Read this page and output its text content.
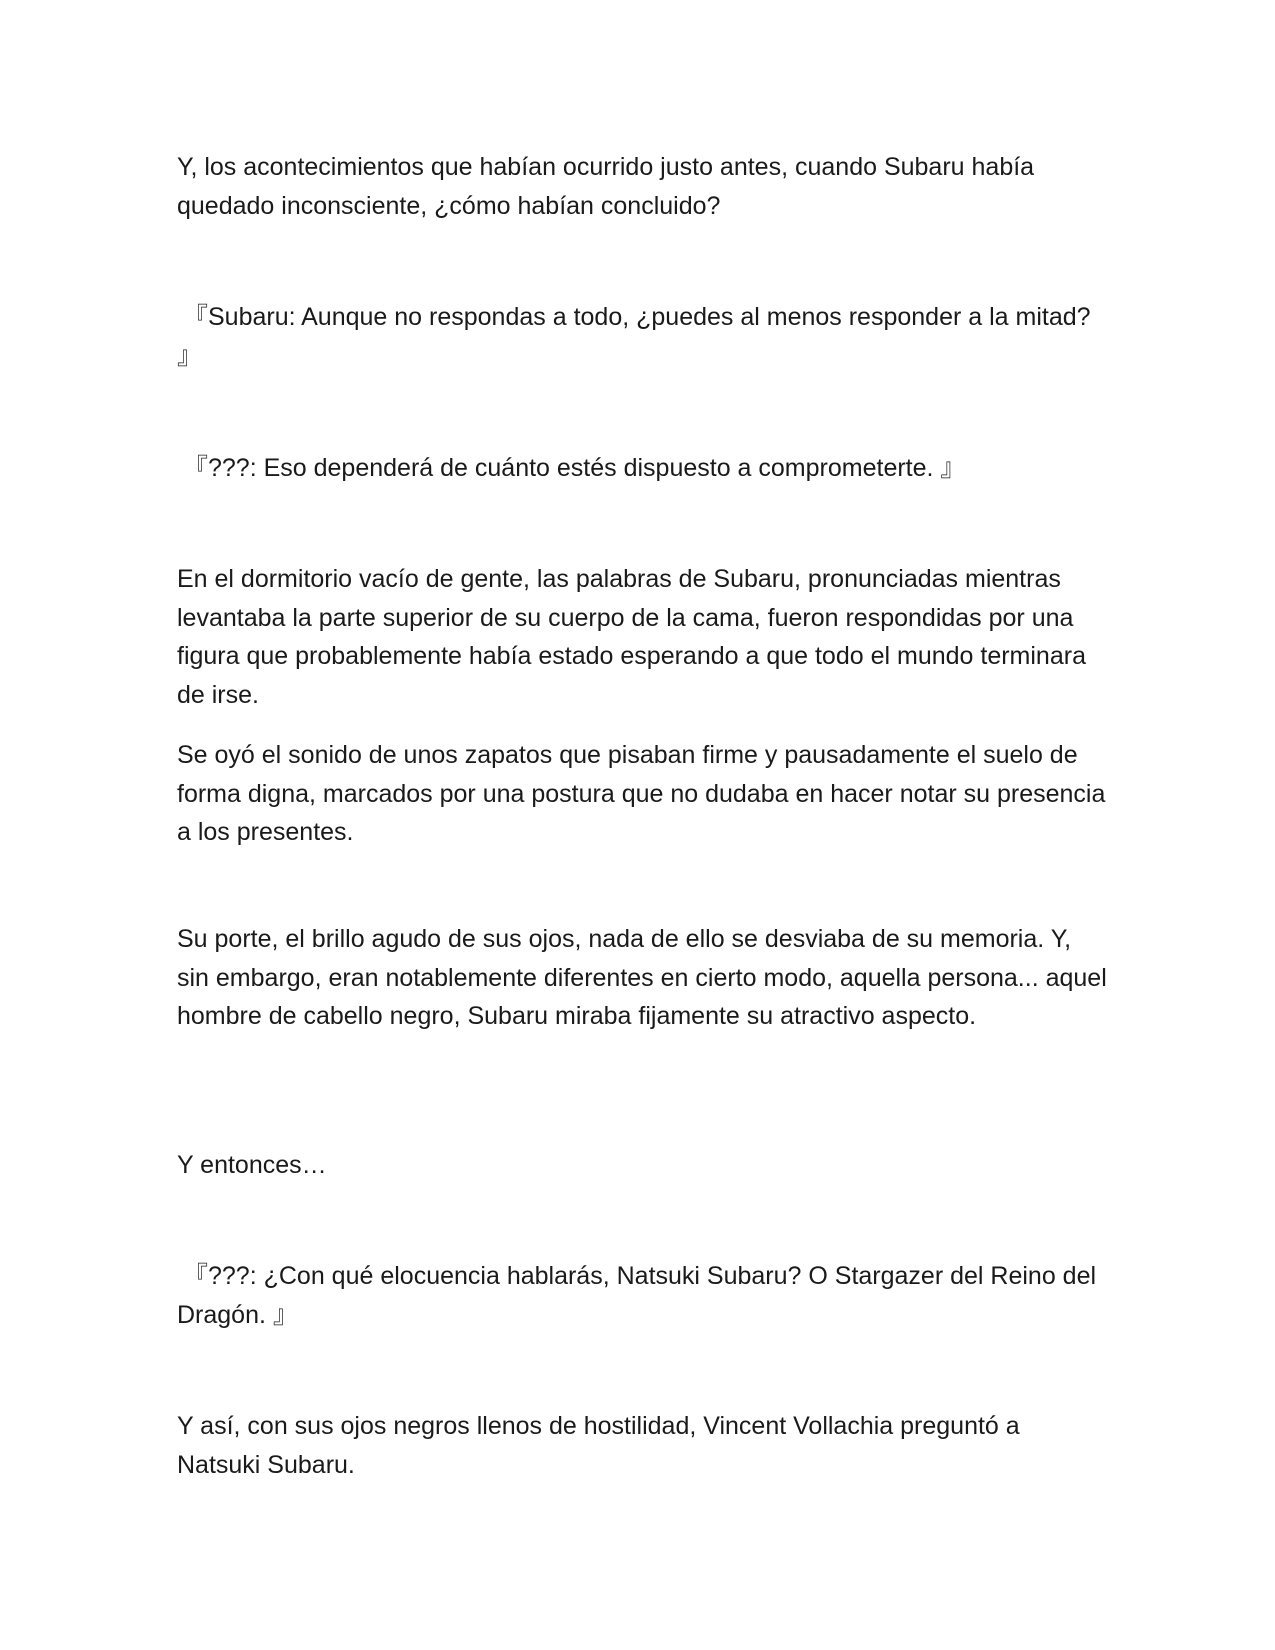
Y, los acontecimientos que habían ocurrido justo antes, cuando Subaru había quedado inconsciente, ¿cómo habían concluido?

『Subaru: Aunque no respondas a todo, ¿puedes al menos responder a la mitad? 』

『???: Eso dependerá de cuánto estés dispuesto a comprometerte. 』

En el dormitorio vacío de gente, las palabras de Subaru, pronunciadas mientras levantaba la parte superior de su cuerpo de la cama, fueron respondidas por una figura que probablemente había estado esperando a que todo el mundo terminara de irse.

Se oyó el sonido de unos zapatos que pisaban firme y pausadamente el suelo de forma digna, marcados por una postura que no dudaba en hacer notar su presencia a los presentes.

Su porte, el brillo agudo de sus ojos, nada de ello se desviaba de su memoria. Y, sin embargo, eran notablemente diferentes en cierto modo, aquella persona... aquel hombre de cabello negro, Subaru miraba fijamente su atractivo aspecto.

Y entonces…

『???: ¿Con qué elocuencia hablarás, Natsuki Subaru? O Stargazer del Reino del Dragón. 』

Y así, con sus ojos negros llenos de hostilidad, Vincent Vollachia preguntó a Natsuki Subaru.
